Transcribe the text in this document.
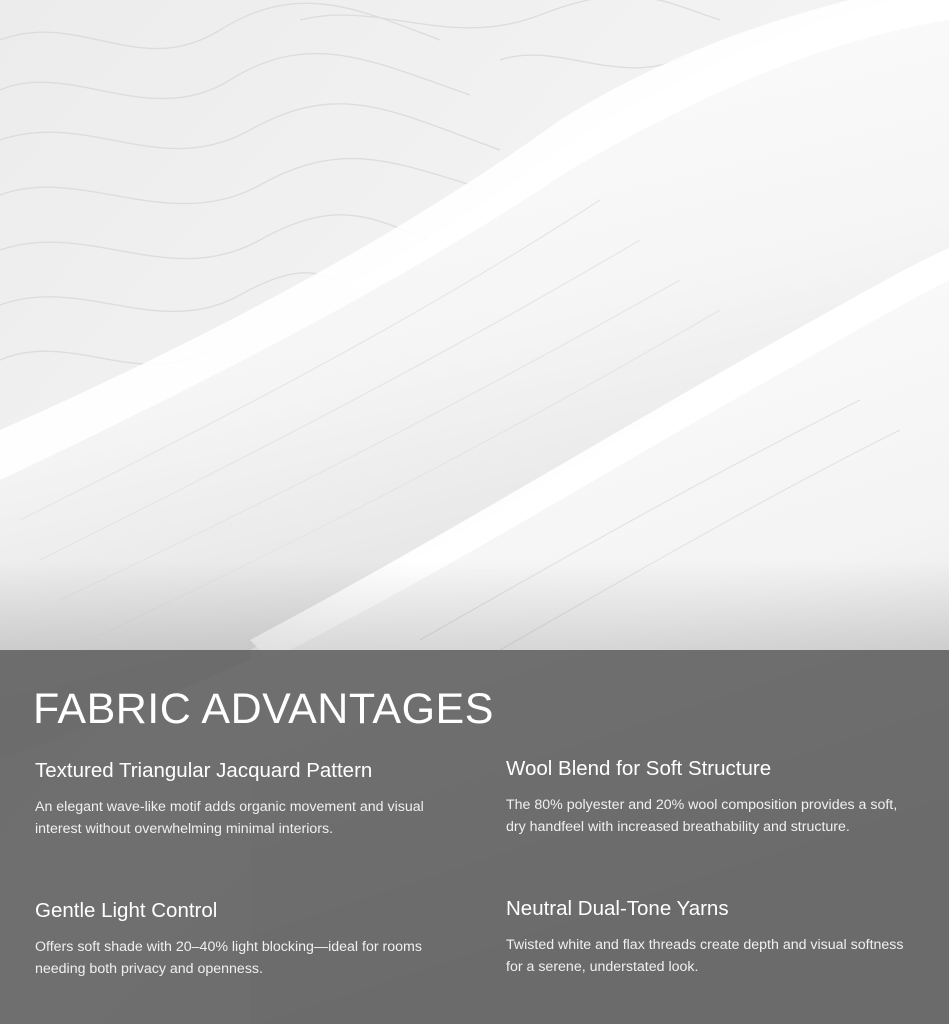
FABRIC ADVANTAGES
Textured Triangular Jacquard Pattern

An elegant wave-like motif adds organic movement and visual interest without overwhelming minimal interiors.

Wool Blend for Soft Structure

The 80% polyester and 20% wool composition provides a soft, dry handfeel with increased breathability and structure.

Gentle Light Control

Offers soft shade with 20–40% light blocking—ideal for rooms needing both privacy and openness.

Neutral Dual-Tone Yarns

Twisted white and flax threads create depth and visual softness for a serene, understated look.
